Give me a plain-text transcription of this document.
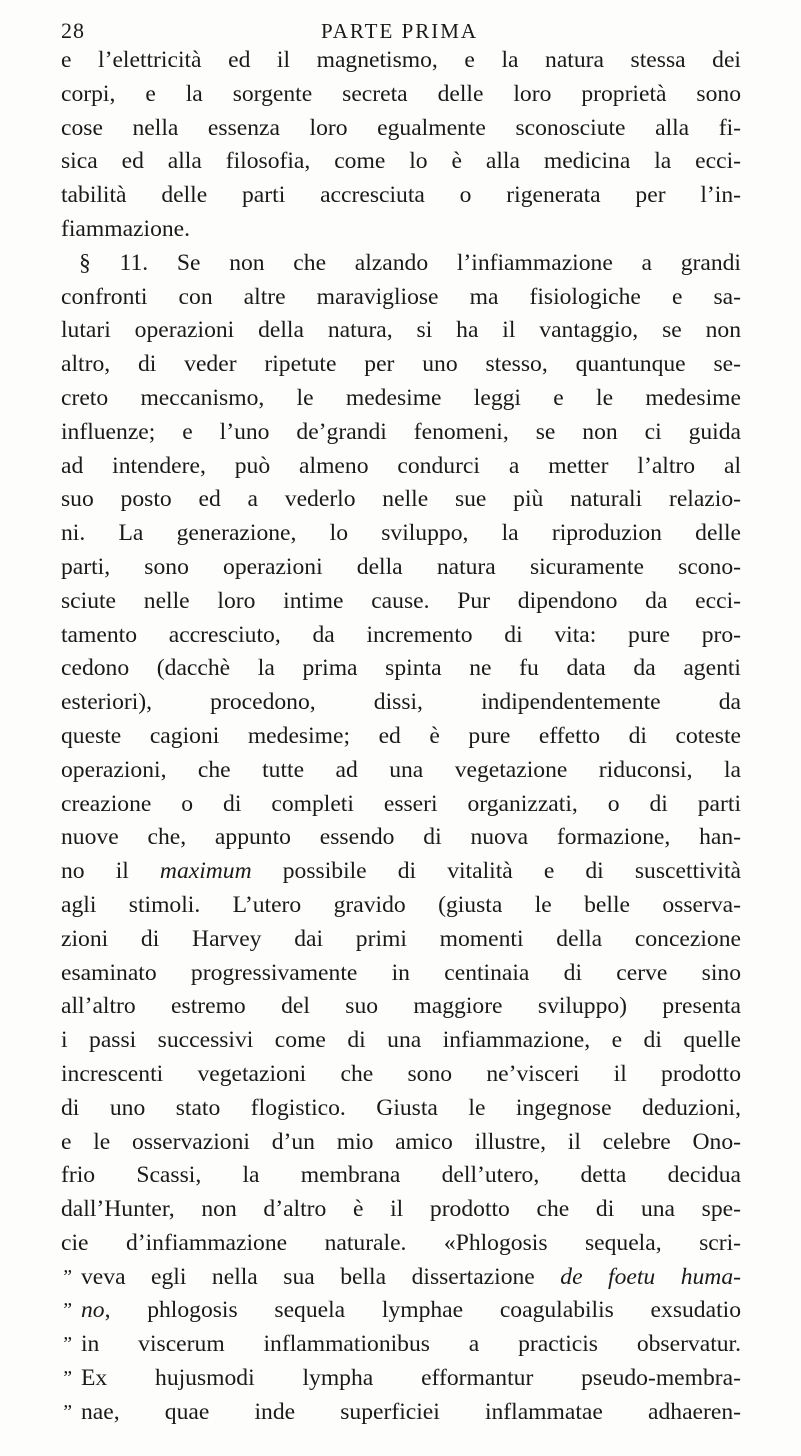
28	PARTE PRIMA
e l’elettricità ed il magnetismo, e la natura stessa dei
corpi, e la sorgente secreta delle loro proprietà sono
cose nella essenza loro egualmente sconosciute alla fi-
sica ed alla filosofia, come lo è alla medicina la ecci-
tabilità delle parti accresciuta o rigenerata per l’in-
fiammazione.
§ 11. Se non che alzando l’infiammazione a grandi
confronti con altre maravigliose ma fisiologiche e sa-
lutari operazioni della natura, si ha il vantaggio, se non
altro, di veder ripetute per uno stesso, quantunque se-
creto meccanismo, le medesime leggi e le medesime
influenze; e l’uno de’grandi fenomeni, se non ci guida
ad intendere, può almeno condurci a metter l’altro al
suo posto ed a vederlo nelle sue più naturali relazio-
ni. La generazione, lo sviluppo, la riproduzion delle
parti, sono operazioni della natura sicuramente scono-
sciute nelle loro intime cause. Pur dipendono da ecci-
tamento accresciuto, da incremento di vita: pure pro-
cedono (dacchè la prima spinta ne fu data da agenti
esteriori), procedono, dissi, indipendentemente da
queste cagioni medesime; ed è pure effetto di coteste
operazioni, che tutte ad una vegetazione riduconsi, la
creazione o di completi esseri organizzati, o di parti
nuove che, appunto essendo di nuova formazione, han-
no il maximum possibile di vitalità e di suscettività
agli stimoli. L’utero gravido (giusta le belle osserva-
zioni di Harvey dai primi momenti della concezione
esaminato progressivamente in centinaia di cerve sino
all’altro estremo del suo maggiore sviluppo) presenta
i passi successivi come di una infiammazione, e di quelle
increscenti vegetazioni che sono ne’visceri il prodotto
di uno stato flogistico. Giusta le ingegnose deduzioni,
e le osservazioni d’un mio amico illustre, il celebre Ono-
frio Scassi, la membrana dell’utero, detta decidua
dall’Hunter, non d’altro è il prodotto che di una spe-
cie d’infiammazione naturale. «Phlogosis sequela, scri-
” veva egli nella sua bella dissertazione de foetu huma-
” no, phlogosis sequela lymphae coagulabilis exsudatio
” in viscerum inflammationibus a practicis observatur.
” Ex hujusmodi lympha efformantur pseudo-membra-
” nae, quae inde superficiei inflammatae adhaeren-
